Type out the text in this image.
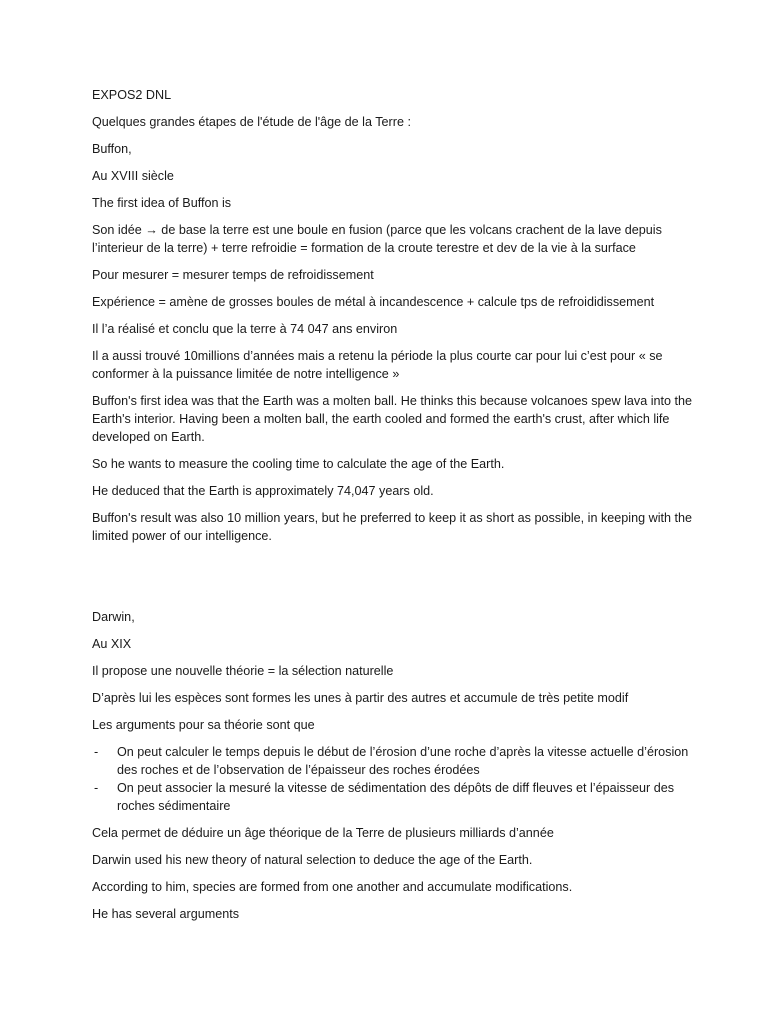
EXPOS2 DNL

Quelques grandes étapes de l'étude de l'âge de la Terre :

Buffon,

Au XVIII siècle

The first idea of Buffon is

Son idée → de base la terre est une boule en fusion (parce que les volcans crachent de la lave depuis l’interieur de la terre) + terre refroidie = formation de la croute terestre et dev de la vie à la surface

Pour mesurer = mesurer temps de refroidissement

Expérience = amène de grosses boules de métal à incandescence + calcule tps de refroididissement

Il l’a réalisé et conclu que la terre à 74 047 ans environ

Il a aussi trouvé 10millions d’années mais a retenu la période la plus courte car pour lui c’est pour « se conformer à la puissance limitée de notre intelligence »

Buffon's first idea was that the Earth was a molten ball. He thinks this because volcanoes spew lava into the Earth's interior. Having been a molten ball, the earth cooled and formed the earth's crust, after which life developed on Earth.

So he wants to measure the cooling time to calculate the age of the Earth.

He deduced that the Earth is approximately 74,047 years old.

Buffon's result was also 10 million years, but he preferred to keep it as short as possible, in keeping with the limited power of our intelligence.

Darwin,

Au XIX

Il propose une nouvelle théorie = la sélection naturelle

D’après lui les espèces sont formes les unes à partir des autres et accumule de très petite modif

Les arguments pour sa théorie sont que

- On peut calculer le temps depuis le début de l’érosion d’une roche d’après la vitesse actuelle d’érosion des roches et de l’observation de l’épaisseur des roches érodées
- On peut associer la mesuré la vitesse de sédimentation des dépôts de diff fleuves et l’épaisseur des roches sédimentaire

Cela permet de déduire un âge théorique de la Terre de plusieurs milliards d’année

Darwin used his new theory of natural selection to deduce the age of the Earth.

According to him, species are formed from one another and accumulate modifications.

He has several arguments
